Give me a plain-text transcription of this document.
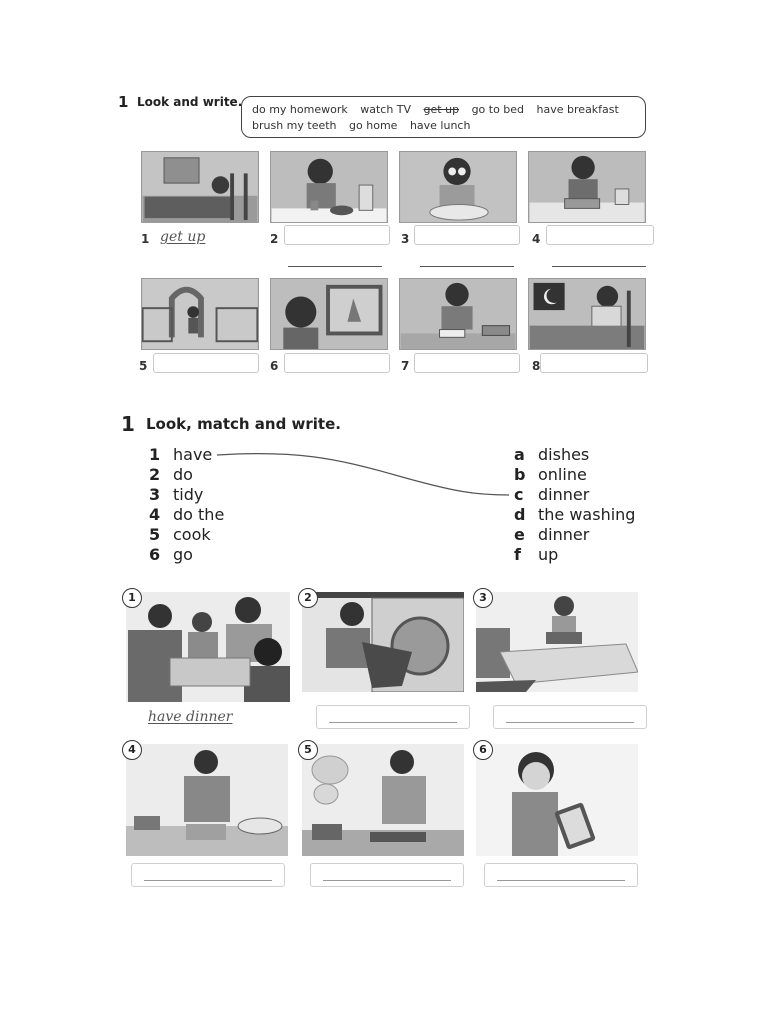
1 Look and write.
do my homework watch TV get up go to bed have breakfast
brush my teeth go home have lunch
1 get up	2	3	4
5	6	7	8
1 Look, match and write.
1 have
2 do
3 tidy
4 do the
5 cook
6 go
a dishes
b online
c dinner
d the washing
e dinner
f up
1	2	3
have dinner
4	5	6
